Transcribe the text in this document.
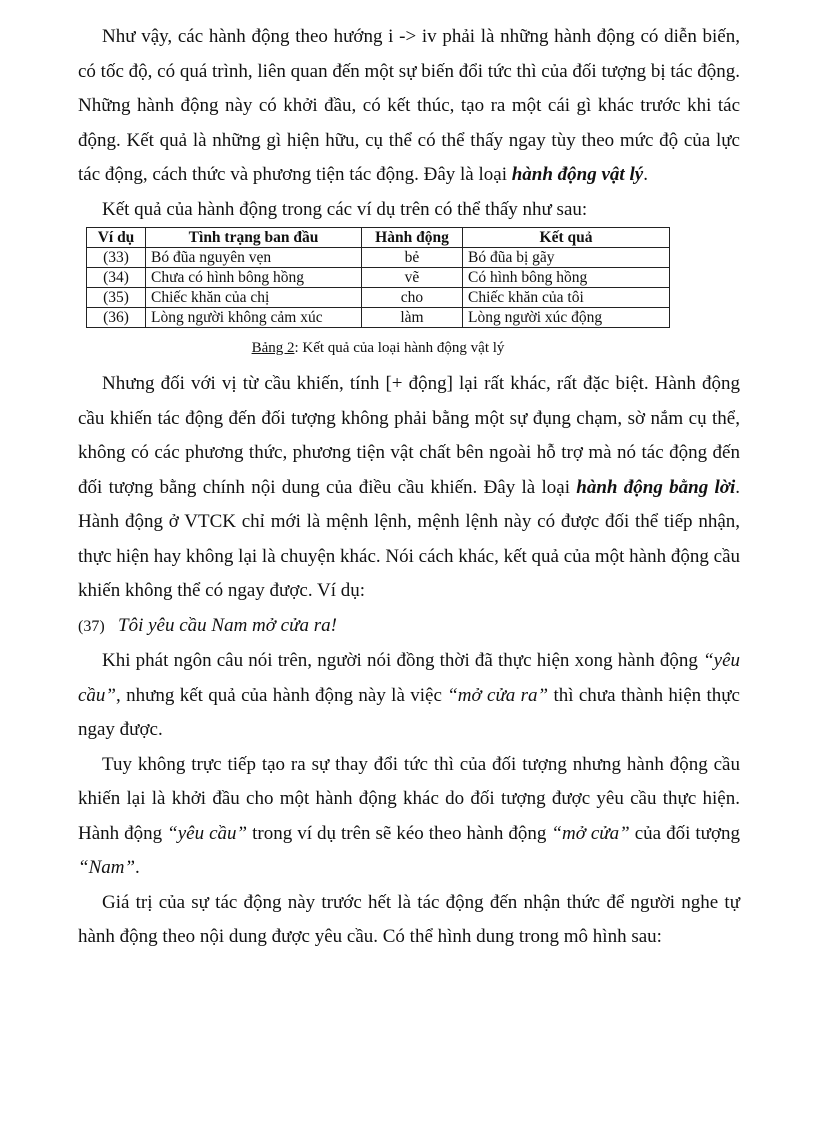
Như vậy, các hành động theo hướng i -> iv phải là những hành động có diễn biến, có tốc độ, có quá trình, liên quan đến một sự biến đổi tức thì của đối tượng bị tác động. Những hành động này có khởi đầu, có kết thúc, tạo ra một cái gì khác trước khi tác động. Kết quả là những gì hiện hữu, cụ thể có thể thấy ngay tùy theo mức độ của lực tác động, cách thức và phương tiện tác động. Đây là loại hành động vật lý.

Kết quả của hành động trong các ví dụ trên có thể thấy như sau:

Ví dụ	Tình trạng ban đầu	Hành động	Kết quả
(33)	Bó đũa nguyên vẹn	bẻ	Bó đũa bị gãy
(34)	Chưa có hình bông hồng	vẽ	Có hình bông hồng
(35)	Chiếc khăn của chị	cho	Chiếc khăn của tôi
(36)	Lòng người không cảm xúc	làm	Lòng người xúc động
Bảng 2: Kết quả của loại hành động vật lý

Nhưng đối với vị từ cầu khiến, tính [+ động] lại rất khác, rất đặc biệt. Hành động cầu khiến tác động đến đối tượng không phải bằng một sự đụng chạm, sờ nắm cụ thể, không có các phương thức, phương tiện vật chất bên ngoài hỗ trợ mà nó tác động đến đối tượng bằng chính nội dung của điều cầu khiến. Đây là loại hành động bằng lời. Hành động ở VTCK chỉ mới là mệnh lệnh, mệnh lệnh này có được đối thể tiếp nhận, thực hiện hay không lại là chuyện khác. Nói cách khác, kết quả của một hành động cầu khiến không thể có ngay được. Ví dụ:

(37) Tôi yêu cầu Nam mở cửa ra!

Khi phát ngôn câu nói trên, người nói đồng thời đã thực hiện xong hành động “yêu cầu”, nhưng kết quả của hành động này là việc “mở cửa ra” thì chưa thành hiện thực ngay được.

Tuy không trực tiếp tạo ra sự thay đổi tức thì của đối tượng nhưng hành động cầu khiến lại là khởi đầu cho một hành động khác do đối tượng được yêu cầu thực hiện. Hành động “yêu cầu” trong ví dụ trên sẽ kéo theo hành động “mở cửa” của đối tượng “Nam”.

Giá trị của sự tác động này trước hết là tác động đến nhận thức để người nghe tự hành động theo nội dung được yêu cầu. Có thể hình dung trong mô hình sau:
